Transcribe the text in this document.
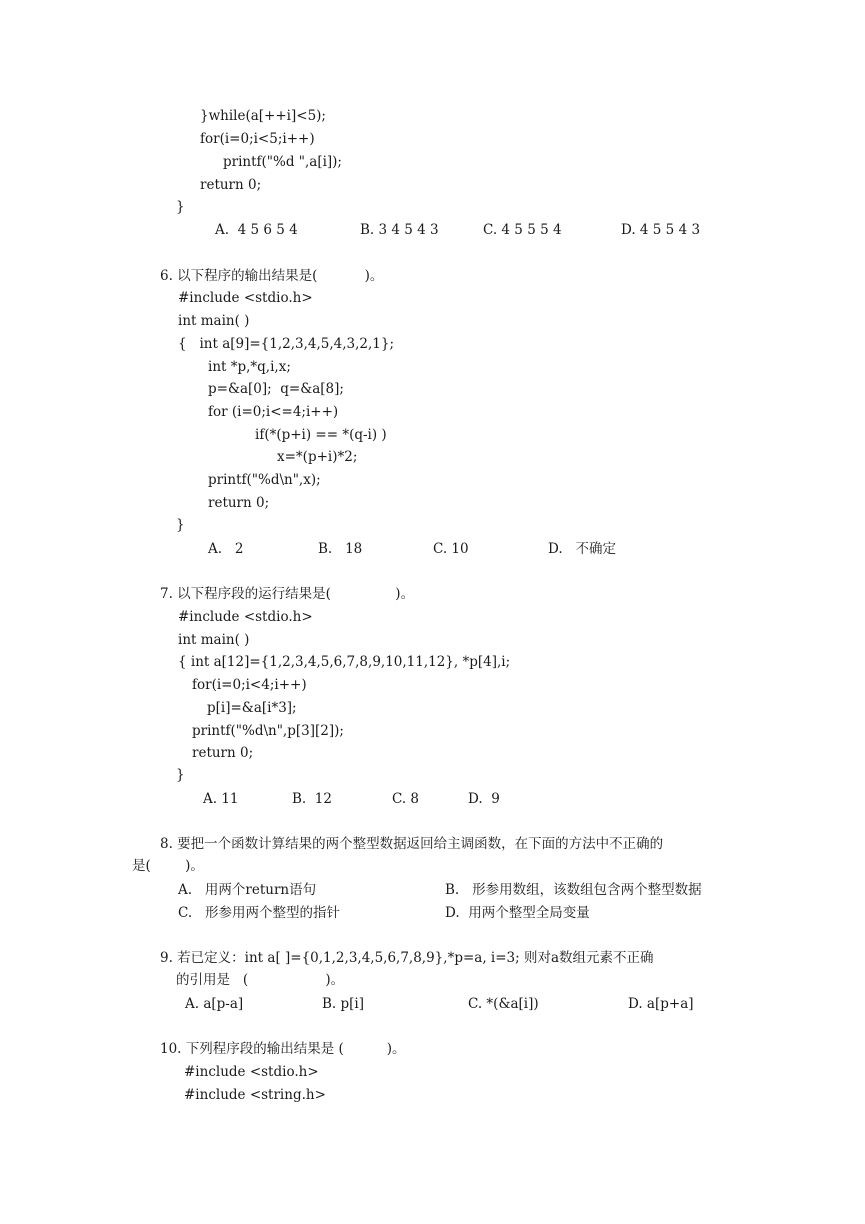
}while(a[++i]<5);
for(i=0;i<5;i++)
printf("%d ",a[i]);
return 0;
}
A.  4 5 6 5 4	B. 3 4 5 4 3	C. 4 5 5 5 4	D. 4 5 5 4 3
6. 以下程序的输出结果是(           )。
#include <stdio.h>
int main( )
{   int a[9]={1,2,3,4,5,4,3,2,1};
int *p,*q,i,x;
p=&a[0];  q=&a[8];
for (i=0;i<=4;i++)
if(*(p+i) == *(q-i) )
x=*(p+i)*2;
printf("%d\n",x);
return 0;
}
A.   2	B.   18	C. 10	D.   不确定
7. 以下程序段的运行结果是(               )。
#include <stdio.h>
int main( )
{ int a[12]={1,2,3,4,5,6,7,8,9,10,11,12}, *p[4],i;
for(i=0;i<4;i++)
p[i]=&a[i*3];
printf("%d\n",p[3][2]);
return 0;
}
A. 11	B.  12	C. 8	D.  9
8. 要把一个函数计算结果的两个整型数据返回给主调函数，在下面的方法中不正确的
是(        )。
A.   用两个return语句	B.   形参用数组，该数组包含两个整型数据
C.   形参用两个整型的指针	D.  用两个整型全局变量
9. 若已定义：int a[ ]={0,1,2,3,4,5,6,7,8,9},*p=a, i=3; 则对a数组元素不正确
的引用是   (                  )。
A. a[p-a]	B. p[i]	C. *(&a[i])	D. a[p+a]
10. 下列程序段的输出结果是 (          )。
#include <stdio.h>
#include <string.h>
